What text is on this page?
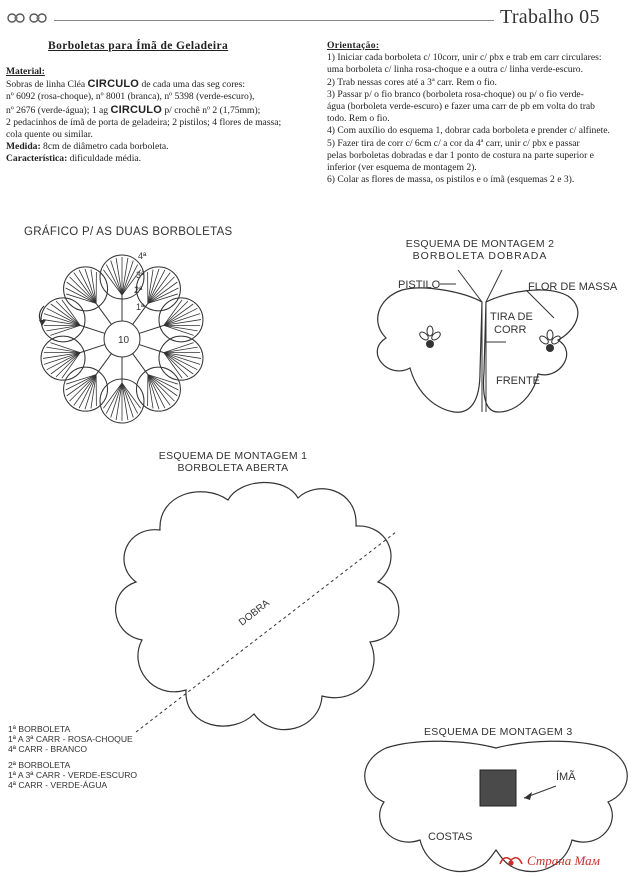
Trabalho 05
Borboletas para Ímã de Geladeira
Material:
Sobras de linha Cléa CIRCULO de cada uma das seg cores:
nº 6092 (rosa-choque), nº 8001 (branca), nº 5398 (verde-escuro),
nº 2676 (verde-água); 1 ag CIRCULO p/ crochê nº 2 (1,75mm);
2 pedacinhos de ímã de porta de geladeira; 2 pistilos; 4 flores de massa;
cola quente ou similar.
Medida: 8cm de diâmetro cada borboleta.
Característica: dificuldade média.
Orientação:
1) Iniciar cada borboleta c/ 10corr, unir c/ pbx e trab em carr circulares:
uma borboleta c/ linha rosa-choque e a outra c/ linha verde-escuro.
2) Trab nessas cores até a 3ª carr. Rem o fio.
3) Passar p/ o fio branco (borboleta rosa-choque) ou p/ o fio verde-
água (borboleta verde-escuro) e fazer uma carr de pb em volta do trab
todo. Rem o fio.
4) Com auxílio do esquema 1, dobrar cada borboleta e prender c/ alfinete.
5) Fazer tira de corr c/ 6cm c/ a cor da 4ª carr, unir c/ pbx e passar
pelas borboletas dobradas e dar 1 ponto de costura na parte superior e
inferior (ver esquema de montagem 2).
6) Colar as flores de massa, os pistilos e o ímã (esquemas 2 e 3).
GRÁFICO P/ AS DUAS BORBOLETAS
10
4ª
3ª
2ª
1ª
ESQUEMA DE MONTAGEM 2
BORBOLETA DOBRADA
PISTILO	FLOR DE MASSA
TIRA DE
CORR
FRENTE
ESQUEMA DE MONTAGEM 1
BORBOLETA ABERTA
DOBRA
1ª BORBOLETA
1ª A 3ª CARR - ROSA-CHOQUE
4ª CARR - BRANCO
2ª BORBOLETA
1ª A 3ª CARR - VERDE-ESCURO
4ª CARR - VERDE-ÁGUA
ESQUEMA DE MONTAGEM 3
ÍMÃ
COSTAS
Страна Мам
